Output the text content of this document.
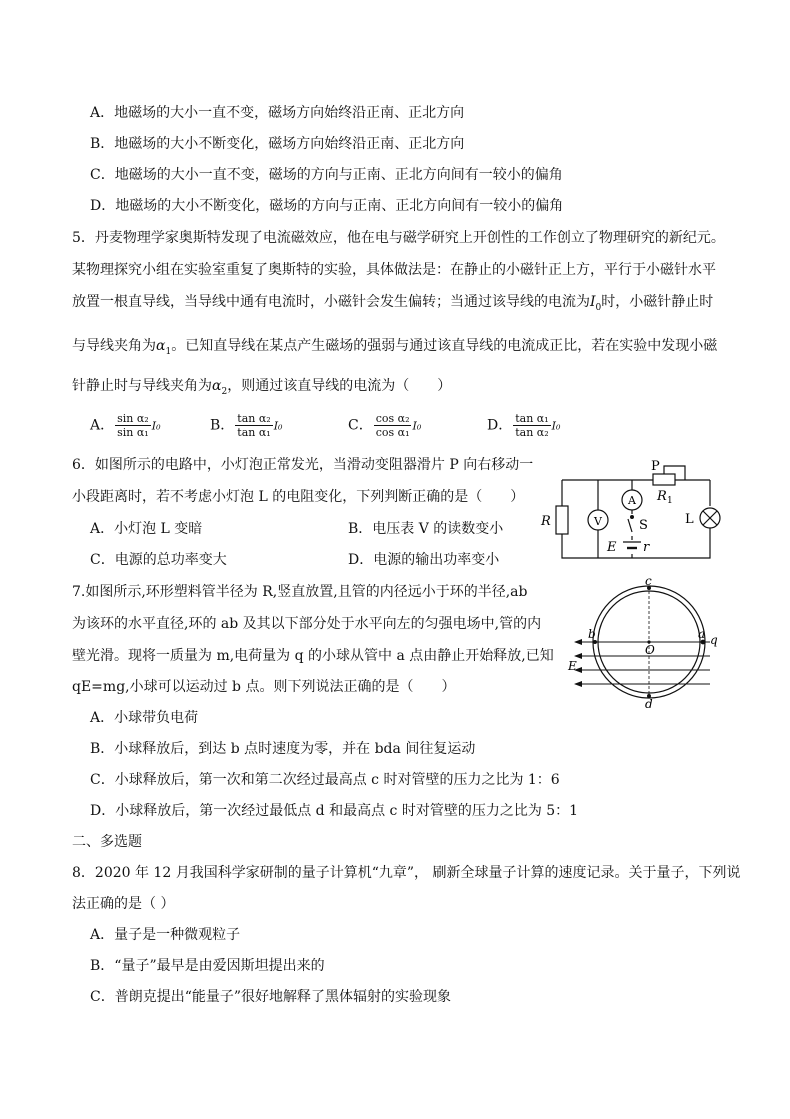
A．地磁场的大小一直不变，磁场方向始终沿正南、正北方向
B．地磁场的大小不断变化，磁场方向始终沿正南、正北方向
C．地磁场的大小一直不变，磁场的方向与正南、正北方向间有一较小的偏角
D．地磁场的大小不断变化，磁场的方向与正南、正北方向间有一较小的偏角
5．丹麦物理学家奥斯特发现了电流磁效应，他在电与磁学研究上开创性的工作创立了物理研究的新纪元。
某物理探究小组在实验室重复了奥斯特的实验，具体做法是：在静止的小磁针正上方，平行于小磁针水平
放置一根直导线，当导线中通有电流时，小磁针会发生偏转；当通过该导线的电流为$I_0$时，小磁针静止时
与导线夹角为$\alpha_1$。已知直导线在某点产生磁场的强弱与通过该直导线的电流成正比，若在实验中发现小磁
针静止时与导线夹角为$\alpha_2$，则通过该直导线的电流为（　　）
A． $\frac{\text{sin α₂}}{\text{sin α₁}} I_0$	B． $\frac{\text{tan α₂}}{\text{tan α₁}} I_0$	C． $\frac{\text{cos α₂}}{\text{cos α₁}} I_0$	D． $\frac{\text{tan α₁}}{\text{tan α₂}} I_0$
6．如图所示的电路中，小灯泡正常发光，当滑动变阻器滑片 P 向右移动一
小段距离时，若不考虑小灯泡 L 的电阻变化，下列判断正确的是（　　）
A．小灯泡 L 变暗	B．电压表 V 的读数变小
C．电源的总功率变大	D．电源的输出功率变小
P
R 1
R	V
A
S	L
E r
7.如图所示,环形塑料管半径为 R,竖直放置,且管的内径远小于环的半径,ab
为该环的水平直径,环的 ab 及其以下部分处于水平向左的匀强电场中,管的内
壁光滑。现将一质量为 m,电荷量为 q 的小球从管中 a 点由静止开始释放,已知
qE=mg,小球可以运动过 b 点。则下列说法正确的是（　　）
A．小球带负电荷
B．小球释放后，到达 b 点时速度为零，并在 bda 间往复运动
C．小球释放后，第一次和第二次经过最高点 c 时对管壁的压力之比为 1：6
D．小球释放后，第一次经过最低点 d 和最高点 c 时对管壁的压力之比为 5：1
c
b	a q
O
E
d
二、多选题
8．2020 年 12 月我国科学家研制的量子计算机“九章”， 刷新全球量子计算的速度记录。关于量子，下列说
法正确的是（ ）
A．量子是一种微观粒子
B．“量子”最早是由爱因斯坦提出来的
C．普朗克提出“能量子”很好地解释了黑体辐射的实验现象
